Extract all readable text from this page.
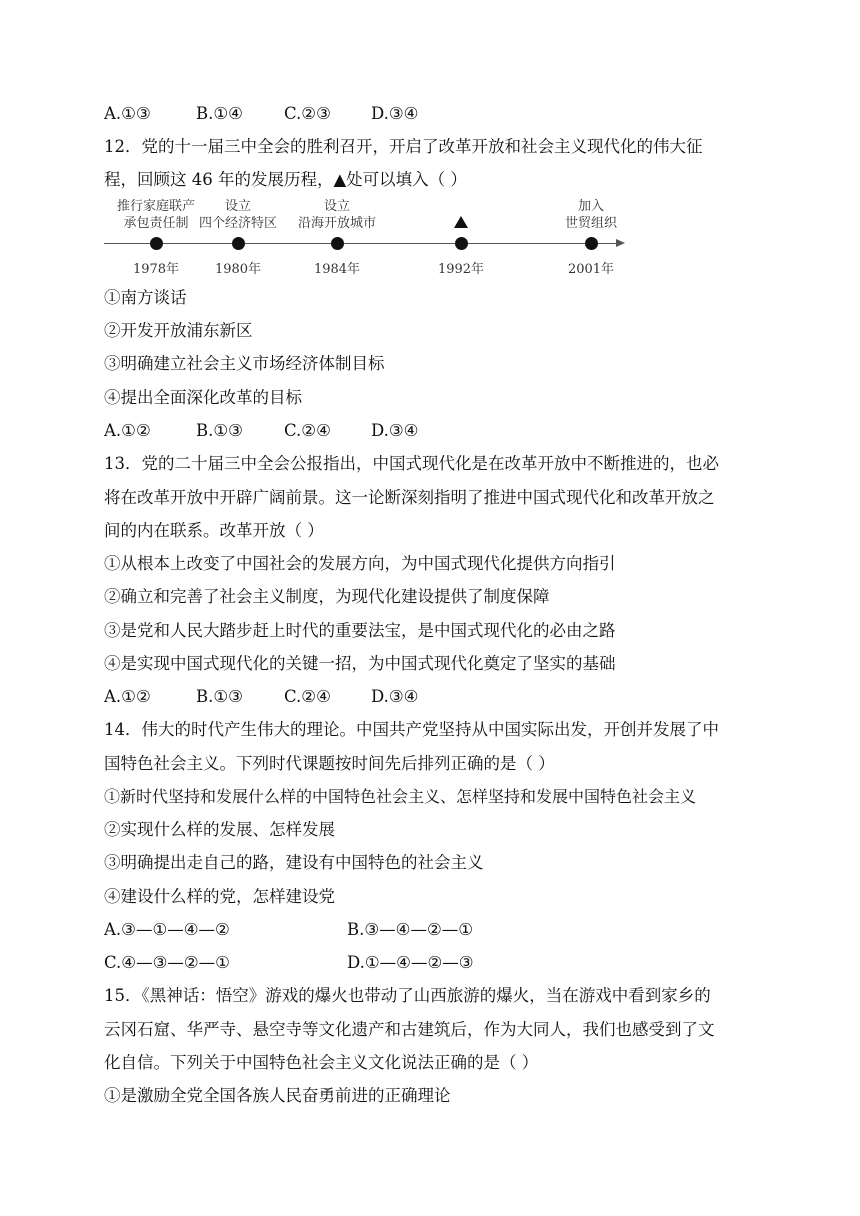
A.①③	B.①④ C.②③ D.③④
12．党的十一届三中全会的胜利召开，开启了改革开放和社会主义现代化的伟大征
程，回顾这 46 年的发展历程，▲处可以填入（ ）
推行家庭联产
承包责任制
1978年
设立
四个经济特区
1980年
设立
沿海开放城市
1984年	1992年
加入
世贸组织
2001年
①南方谈话
②开发开放浦东新区
③明确建立社会主义市场经济体制目标
④提出全面深化改革的目标
A.①②	B.①③ C.②④ D.③④
13．党的二十届三中全会公报指出，中国式现代化是在改革开放中不断推进的，也必
将在改革开放中开辟广阔前景。这一论断深刻指明了推进中国式现代化和改革开放之
间的内在联系。改革开放（ ）
①从根本上改变了中国社会的发展方向，为中国式现代化提供方向指引
②确立和完善了社会主义制度，为现代化建设提供了制度保障
③是党和人民大踏步赶上时代的重要法宝，是中国式现代化的必由之路
④是实现中国式现代化的关键一招，为中国式现代化奠定了坚实的基础
A.①②	B.①③ C.②④ D.③④
14．伟大的时代产生伟大的理论。中国共产党坚持从中国实际出发，开创并发展了中
国特色社会主义。下列时代课题按时间先后排列正确的是（ ）
①新时代坚持和发展什么样的中国特色社会主义、怎样坚持和发展中国特色社会主义
②实现什么样的发展、怎样发展
③明确提出走自己的路，建设有中国特色的社会主义
④建设什么样的党，怎样建设党
A.③—①—④—②	B.③—④—②—①
C.④—③—②—①	D.①—④—②—③
15．《黑神话：悟空》游戏的爆火也带动了山西旅游的爆火，当在游戏中看到家乡的
云冈石窟、华严寺、悬空寺等文化遗产和古建筑后，作为大同人，我们也感受到了文
化自信。下列关于中国特色社会主义文化说法正确的是（ ）
①是激励全党全国各族人民奋勇前进的正确理论
